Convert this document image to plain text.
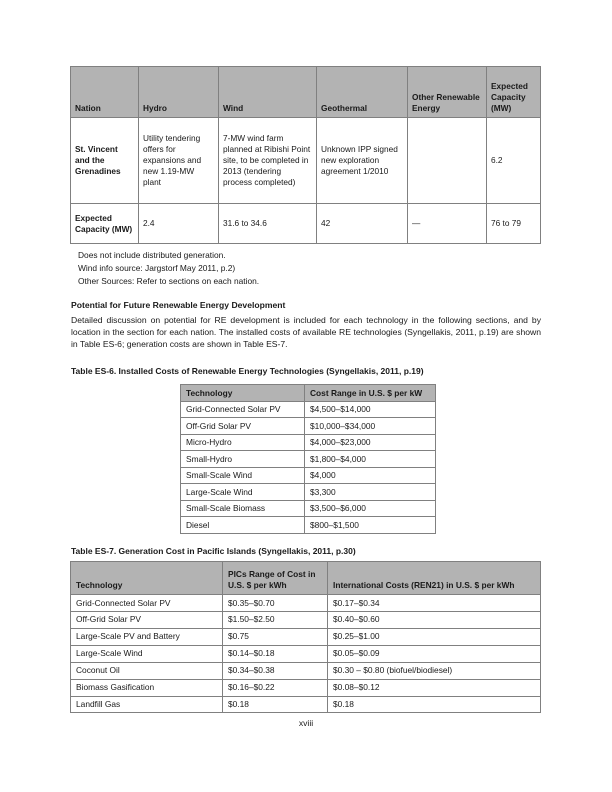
Nation	Hydro	Wind	Geothermal	Other Renewable Energy	Expected Capacity (MW)
St. Vincent and the Grenadines	Utility tendering offers for expansions and new 1.19-MW plant	7-MW wind farm planned at Ribishi Point site, to be completed in 2013 (tendering process completed)	Unknown IPP signed new exploration agreement 1/2010		6.2
Expected Capacity (MW)	2.4	31.6 to 34.6	42	—	76 to 79
Does not include distributed generation.
Wind info source: Jargstorf May 2011, p.2)
Other Sources: Refer to sections on each nation.
Potential for Future Renewable Energy Development
Detailed discussion on potential for RE development is included for each technology in the following sections, and by location in the section for each nation. The installed costs of available RE technologies (Syngellakis, 2011, p.19) are shown in Table ES-6; generation costs are shown in Table ES-7.
Table ES-6. Installed Costs of Renewable Energy Technologies (Syngellakis, 2011, p.19)
Technology	Cost Range in U.S. $ per kW
Grid-Connected Solar PV	$4,500–$14,000
Off-Grid Solar PV	$10,000–$34,000
Micro-Hydro	$4,000–$23,000
Small-Hydro	$1,800–$4,000
Small-Scale Wind	$4,000
Large-Scale Wind	$3,300
Small-Scale Biomass	$3,500–$6,000
Diesel	$800–$1,500
Table ES-7. Generation Cost in Pacific Islands (Syngellakis, 2011, p.30)
Technology	PICs Range of Cost in U.S. $ per kWh	International Costs (REN21) in U.S. $ per kWh
Grid-Connected Solar PV	$0.35–$0.70	$0.17–$0.34
Off-Grid Solar PV	$1.50–$2.50	$0.40–$0.60
Large-Scale PV and Battery	$0.75	$0.25–$1.00
Large-Scale Wind	$0.14–$0.18	$0.05–$0.09
Coconut Oil	$0.34–$0.38	$0.30 – $0.80 (biofuel/biodiesel)
Biomass Gasification	$0.16–$0.22	$0.08–$0.12
Landfill Gas	$0.18	$0.18
xviii
